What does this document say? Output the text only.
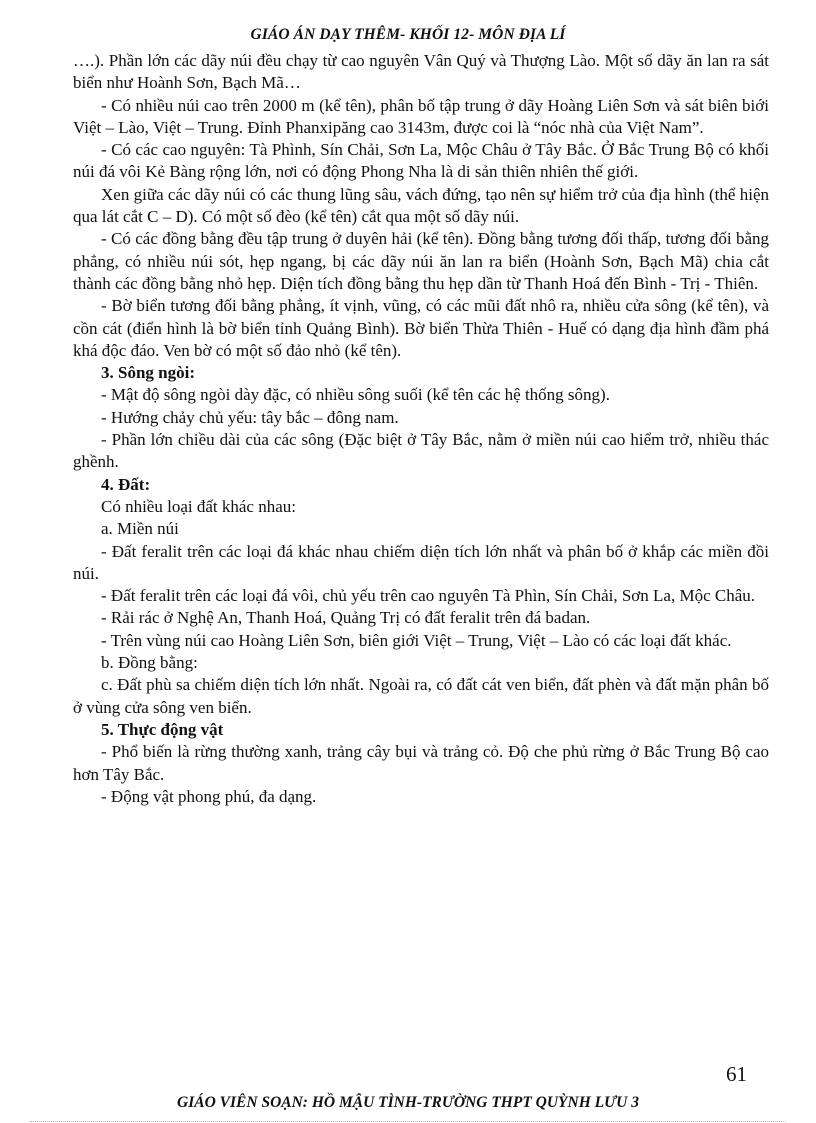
GIÁO ÁN DẠY THÊM- KHỐI 12- MÔN ĐỊA LÍ

….). Phần lớn các dãy núi đều chạy từ cao nguyên Vân Quý và Thượng Lào. Một số dãy ăn lan ra sát biển như Hoành Sơn, Bạch Mã…

- Có nhiều núi cao trên 2000 m (kể tên), phân bố tập trung ở dãy Hoàng Liên Sơn và sát biên biới Việt – Lào, Việt – Trung. Đỉnh Phanxipăng cao 3143m, được coi là “nóc nhà của Việt Nam”.

- Có các cao nguyên: Tà Phình, Sín Chải, Sơn La, Mộc Châu ở Tây Bắc. Ở Bắc Trung Bộ có khối núi đá vôi Kẻ Bàng rộng lớn, nơi có động Phong Nha là di sản thiên nhiên thế giới.

Xen giữa các dãy núi có các thung lũng sâu, vách đứng, tạo nên sự hiểm trở của địa hình (thể hiện qua lát cắt C – D). Có một số đèo (kể tên) cắt qua một số dãy núi.

- Có các đồng bằng đều tập trung ở duyên hải (kể tên). Đồng bằng tương đối thấp, tương đối bằng phẳng, có nhiều núi sót, hẹp ngang, bị các dãy núi ăn lan ra biển (Hoành Sơn, Bạch Mã) chia cắt thành các đồng bằng nhỏ hẹp. Diện tích đồng bằng thu hẹp dần từ Thanh Hoá đến Bình - Trị - Thiên.

- Bờ biển tương đối bằng phẳng, ít vịnh, vũng, có các mũi đất nhô ra, nhiều cửa sông (kể tên), và cồn cát (điển hình là bờ biển tỉnh Quảng Bình). Bờ biển Thừa Thiên - Huế có dạng địa hình đầm phá khá độc đáo. Ven bờ có một số đảo nhỏ (kể tên).

3. Sông ngòi:

- Mật độ sông ngòi dày đặc, có nhiều sông suối (kể tên các hệ thống sông).

- Hướng chảy chủ yếu: tây bắc – đông nam.

- Phần lớn chiều dài của các sông (Đặc biệt ở Tây Bắc, nằm ở miền núi cao hiểm trở, nhiều thác ghềnh.

4. Đất:

Có nhiều loại đất khác nhau:

a. Miền núi

- Đất feralit trên các loại đá khác nhau chiếm diện tích lớn nhất và phân bố ở khắp các miền đồi núi.

- Đất feralit trên các loại đá vôi, chủ yếu trên cao nguyên Tà Phìn, Sín Chải, Sơn La, Mộc Châu.

- Rải rác ở Nghệ An, Thanh Hoá, Quảng Trị có đất feralit trên đá badan.

- Trên vùng núi cao Hoàng Liên Sơn, biên giới Việt – Trung, Việt – Lào có các loại đất khác.

b. Đồng bằng:

c. Đất phù sa chiếm diện tích lớn nhất. Ngoài ra, có đất cát ven biển, đất phèn và đất mặn phân bố ở vùng cửa sông ven biển.

5. Thực động vật

- Phổ biến là rừng thường xanh, trảng cây bụi và trảng cỏ. Độ che phủ rừng ở Bắc Trung Bộ cao hơn Tây Bắc.

- Động vật phong phú, đa dạng.

61
GIÁO VIÊN SOẠN: HỒ MẬU TÌNH-TRƯỜNG THPT QUỲNH LƯU 3
